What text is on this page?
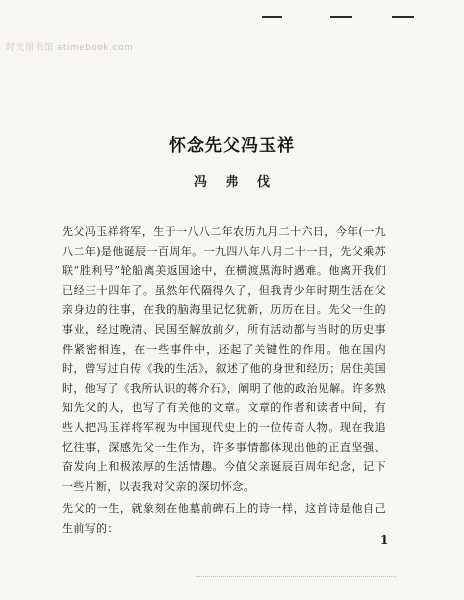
时光图书馆 atimebook.com
怀念先父冯玉祥
冯 弗 伐

先父冯玉祥将军，生于一八八二年农历九月二十六日，今年(一九八二年)是他诞辰一百周年。一九四八年八月二十一日，先父乘苏联“胜利号”轮船离美返国途中，在横渡黑海时遇难。他离开我们已经三十四年了。虽然年代隔得久了，但我青少年时期生活在父亲身边的往事，在我的脑海里记忆犹新，历历在目。先父一生的事业，经过晚清、民国至解放前夕，所有活动都与当时的历史事件紧密相连，在一些事件中，还起了关键性的作用。他在国内时，曾写过自传《我的生活》，叙述了他的身世和经历；居住美国时，他写了《我所认识的蒋介石》，阐明了他的政治见解。许多熟知先父的人，也写了有关他的文章。文章的作者和读者中间，有些人把冯玉祥将军视为中国现代史上的一位传奇人物。现在我追忆往事，深感先父一生作为，许多事情都体现出他的正直坚强、奋发向上和极浓厚的生活情趣。今值父亲诞辰百周年纪念，记下一些片断，以表我对父亲的深切怀念。

先父的一生，就象刻在他墓前碑石上的诗一样，这首诗是他自己生前写的：

1
